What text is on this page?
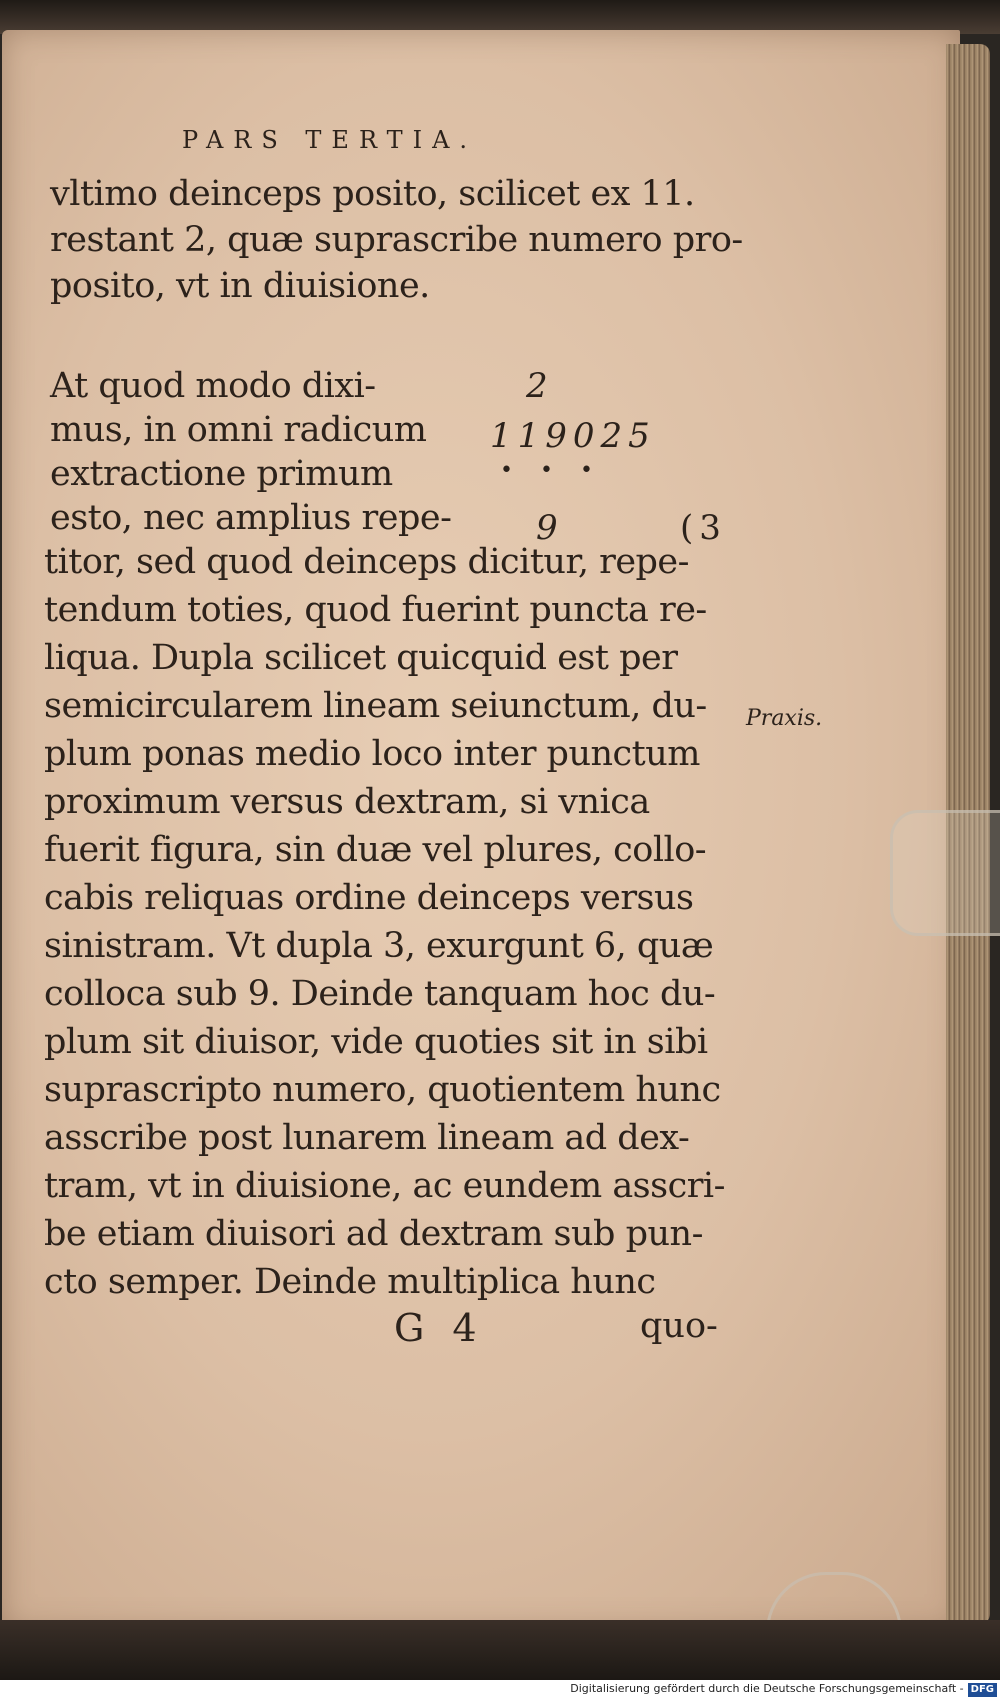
PARS TERTIA.
vltimo deinceps posito, scilicet ex 11.
restant 2, quæ suprascribe numero pro-
posito, vt in diuisione.
At quod modo dixi-
mus, in omni radicum
extractione primum
esto, nec amplius repe-
2
119025
• • •
9	(3
titor, sed quod deinceps dicitur, repe-
tendum toties, quod fuerint puncta re-
liqua. Dupla scilicet quicquid est per
semicircularem lineam seiunctum, du-
plum ponas medio loco inter punctum
proximum versus dextram, si vnica
fuerit figura, sin duæ vel plures, collo-
cabis reliquas ordine deinceps versus
sinistram. Vt dupla 3, exurgunt 6, quæ
colloca sub 9. Deinde tanquam hoc du-
plum sit diuisor, vide quoties sit in sibi
suprascripto numero, quotientem hunc
asscribe post lunarem lineam ad dex-
tram, vt in diuisione, ac eundem asscri-
be etiam diuisori ad dextram sub pun-
cto semper. Deinde multiplica hunc
Praxis.
G 4	quo-
Digitalisierung gefördert durch die Deutsche Forschungsgemeinschaft - DFG
